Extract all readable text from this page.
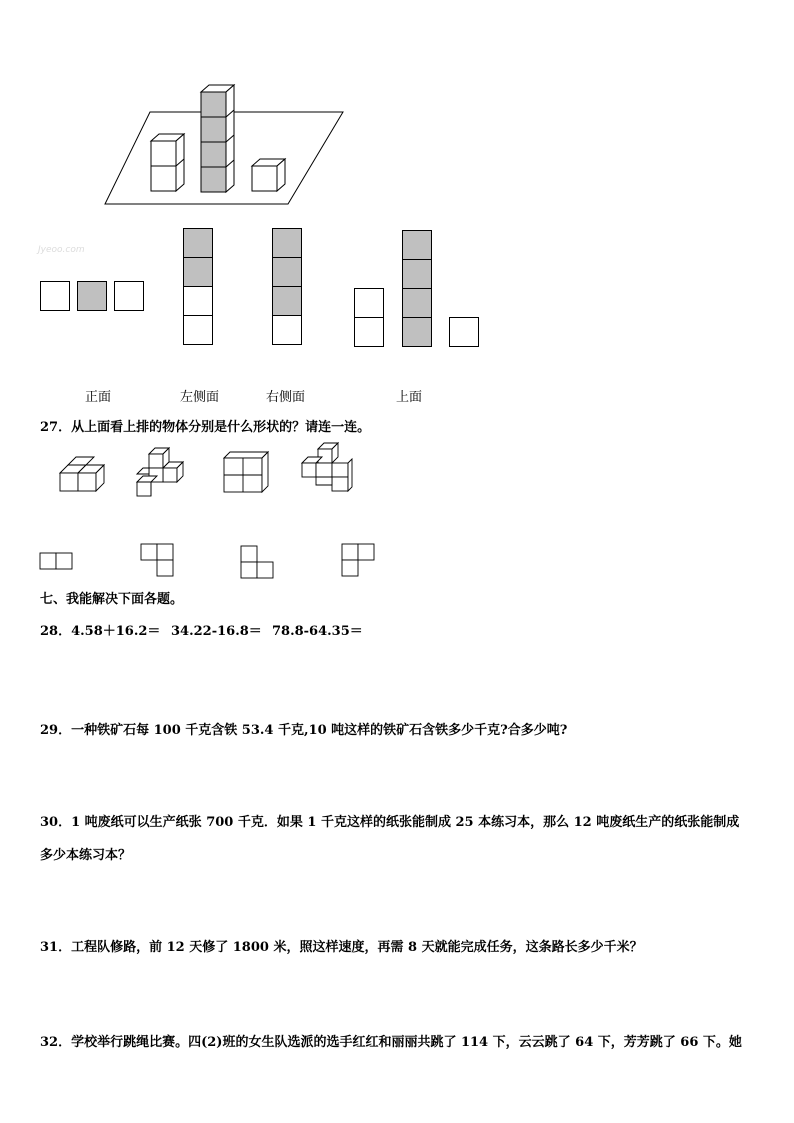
Jyeoo.com
正面	左侧面	右侧面	上面
27．从上面看上排的物体分别是什么形状的？请连一连。
七、我能解决下面各题。
28．4.58＋16.2＝ 34.22-16.8＝ 78.8-64.35＝
29．一种铁矿石每 100 千克含铁 53.4 千克,10 吨这样的铁矿石含铁多少千克?合多少吨?
30．1 吨废纸可以生产纸张 700 千克．如果 1 千克这样的纸张能制成 25 本练习本，那么 12 吨废纸生产的纸张能制成
多少本练习本？
31．工程队修路，前 12 天修了 1800 米，照这样速度，再需 8 天就能完成任务，这条路长多少千米？
32．学校举行跳绳比赛。四(2)班的女生队选派的选手红红和丽丽共跳了 114 下，云云跳了 64 下，芳芳跳了 66 下。她
